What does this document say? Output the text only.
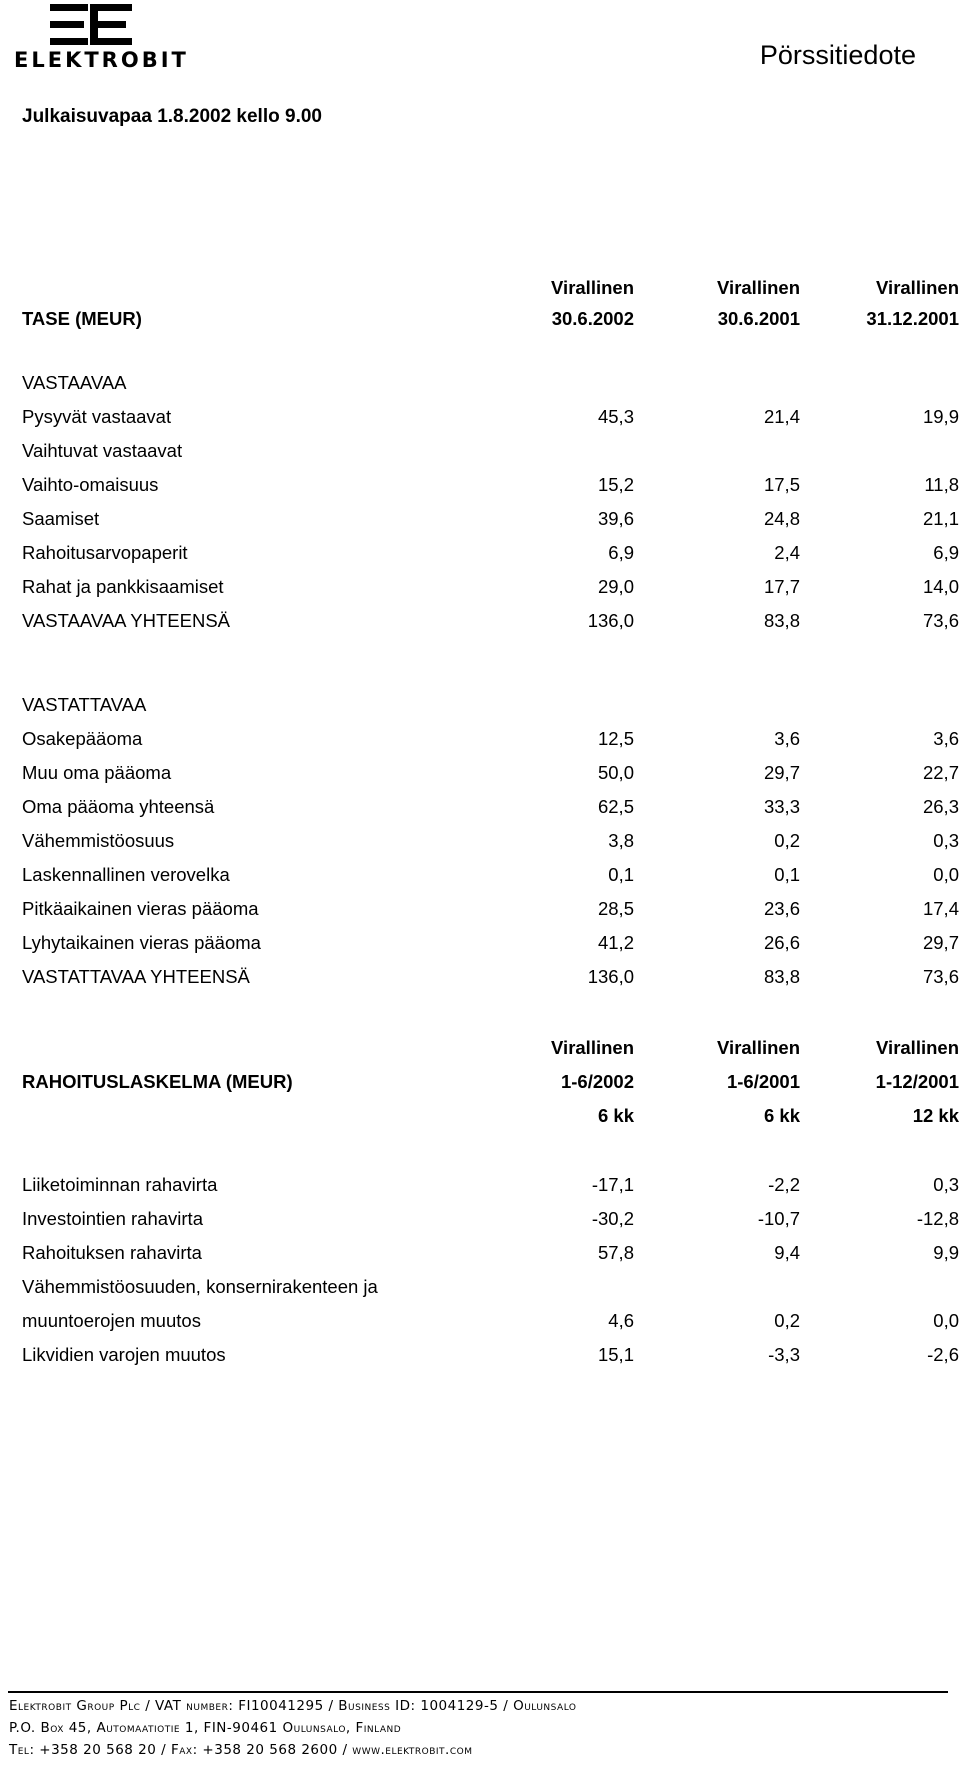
ELEKTROBIT	Pörssitiedote
Julkaisuvapaa 1.8.2002 kello 9.00
Virallinen	Virallinen	Virallinen
TASE (MEUR)	30.6.2002	30.6.2001	31.12.2001
VASTAAVAA
Pysyvät vastaavat	45,3	21,4	19,9
Vaihtuvat vastaavat
Vaihto-omaisuus	15,2	17,5	11,8
Saamiset	39,6	24,8	21,1
Rahoitusarvopaperit	6,9	2,4	6,9
Rahat ja pankkisaamiset	29,0	17,7	14,0
VASTAAVAA YHTEENSÄ	136,0	83,8	73,6
VASTATTAVAA
Osakepääoma	12,5	3,6	3,6
Muu oma pääoma	50,0	29,7	22,7
Oma pääoma yhteensä	62,5	33,3	26,3
Vähemmistöosuus	3,8	0,2	0,3
Laskennallinen verovelka	0,1	0,1	0,0
Pitkäaikainen vieras pääoma	28,5	23,6	17,4
Lyhytaikainen vieras pääoma	41,2	26,6	29,7
VASTATTAVAA YHTEENSÄ	136,0	83,8	73,6
Virallinen	Virallinen	Virallinen
RAHOITUSLASKELMA (MEUR)	1-6/2002	1-6/2001	1-12/2001
6 kk	6 kk	12 kk
Liiketoiminnan rahavirta	-17,1	-2,2	0,3
Investointien rahavirta	-30,2	-10,7	-12,8
Rahoituksen rahavirta	57,8	9,4	9,9
Vähemmistöosuuden, konsernirakenteen ja
muuntoerojen muutos	4,6	0,2	0,0
Likvidien varojen muutos	15,1	-3,3	-2,6
Elektrobit Group Plc / VAT number: FI10041295 / Business ID: 1004129-5 / Oulunsalo
P.O. Box 45, Automaatiotie 1, FIN-90461 Oulunsalo, Finland
Tel: +358 20 568 20 / Fax: +358 20 568 2600 / www.elektrobit.com
